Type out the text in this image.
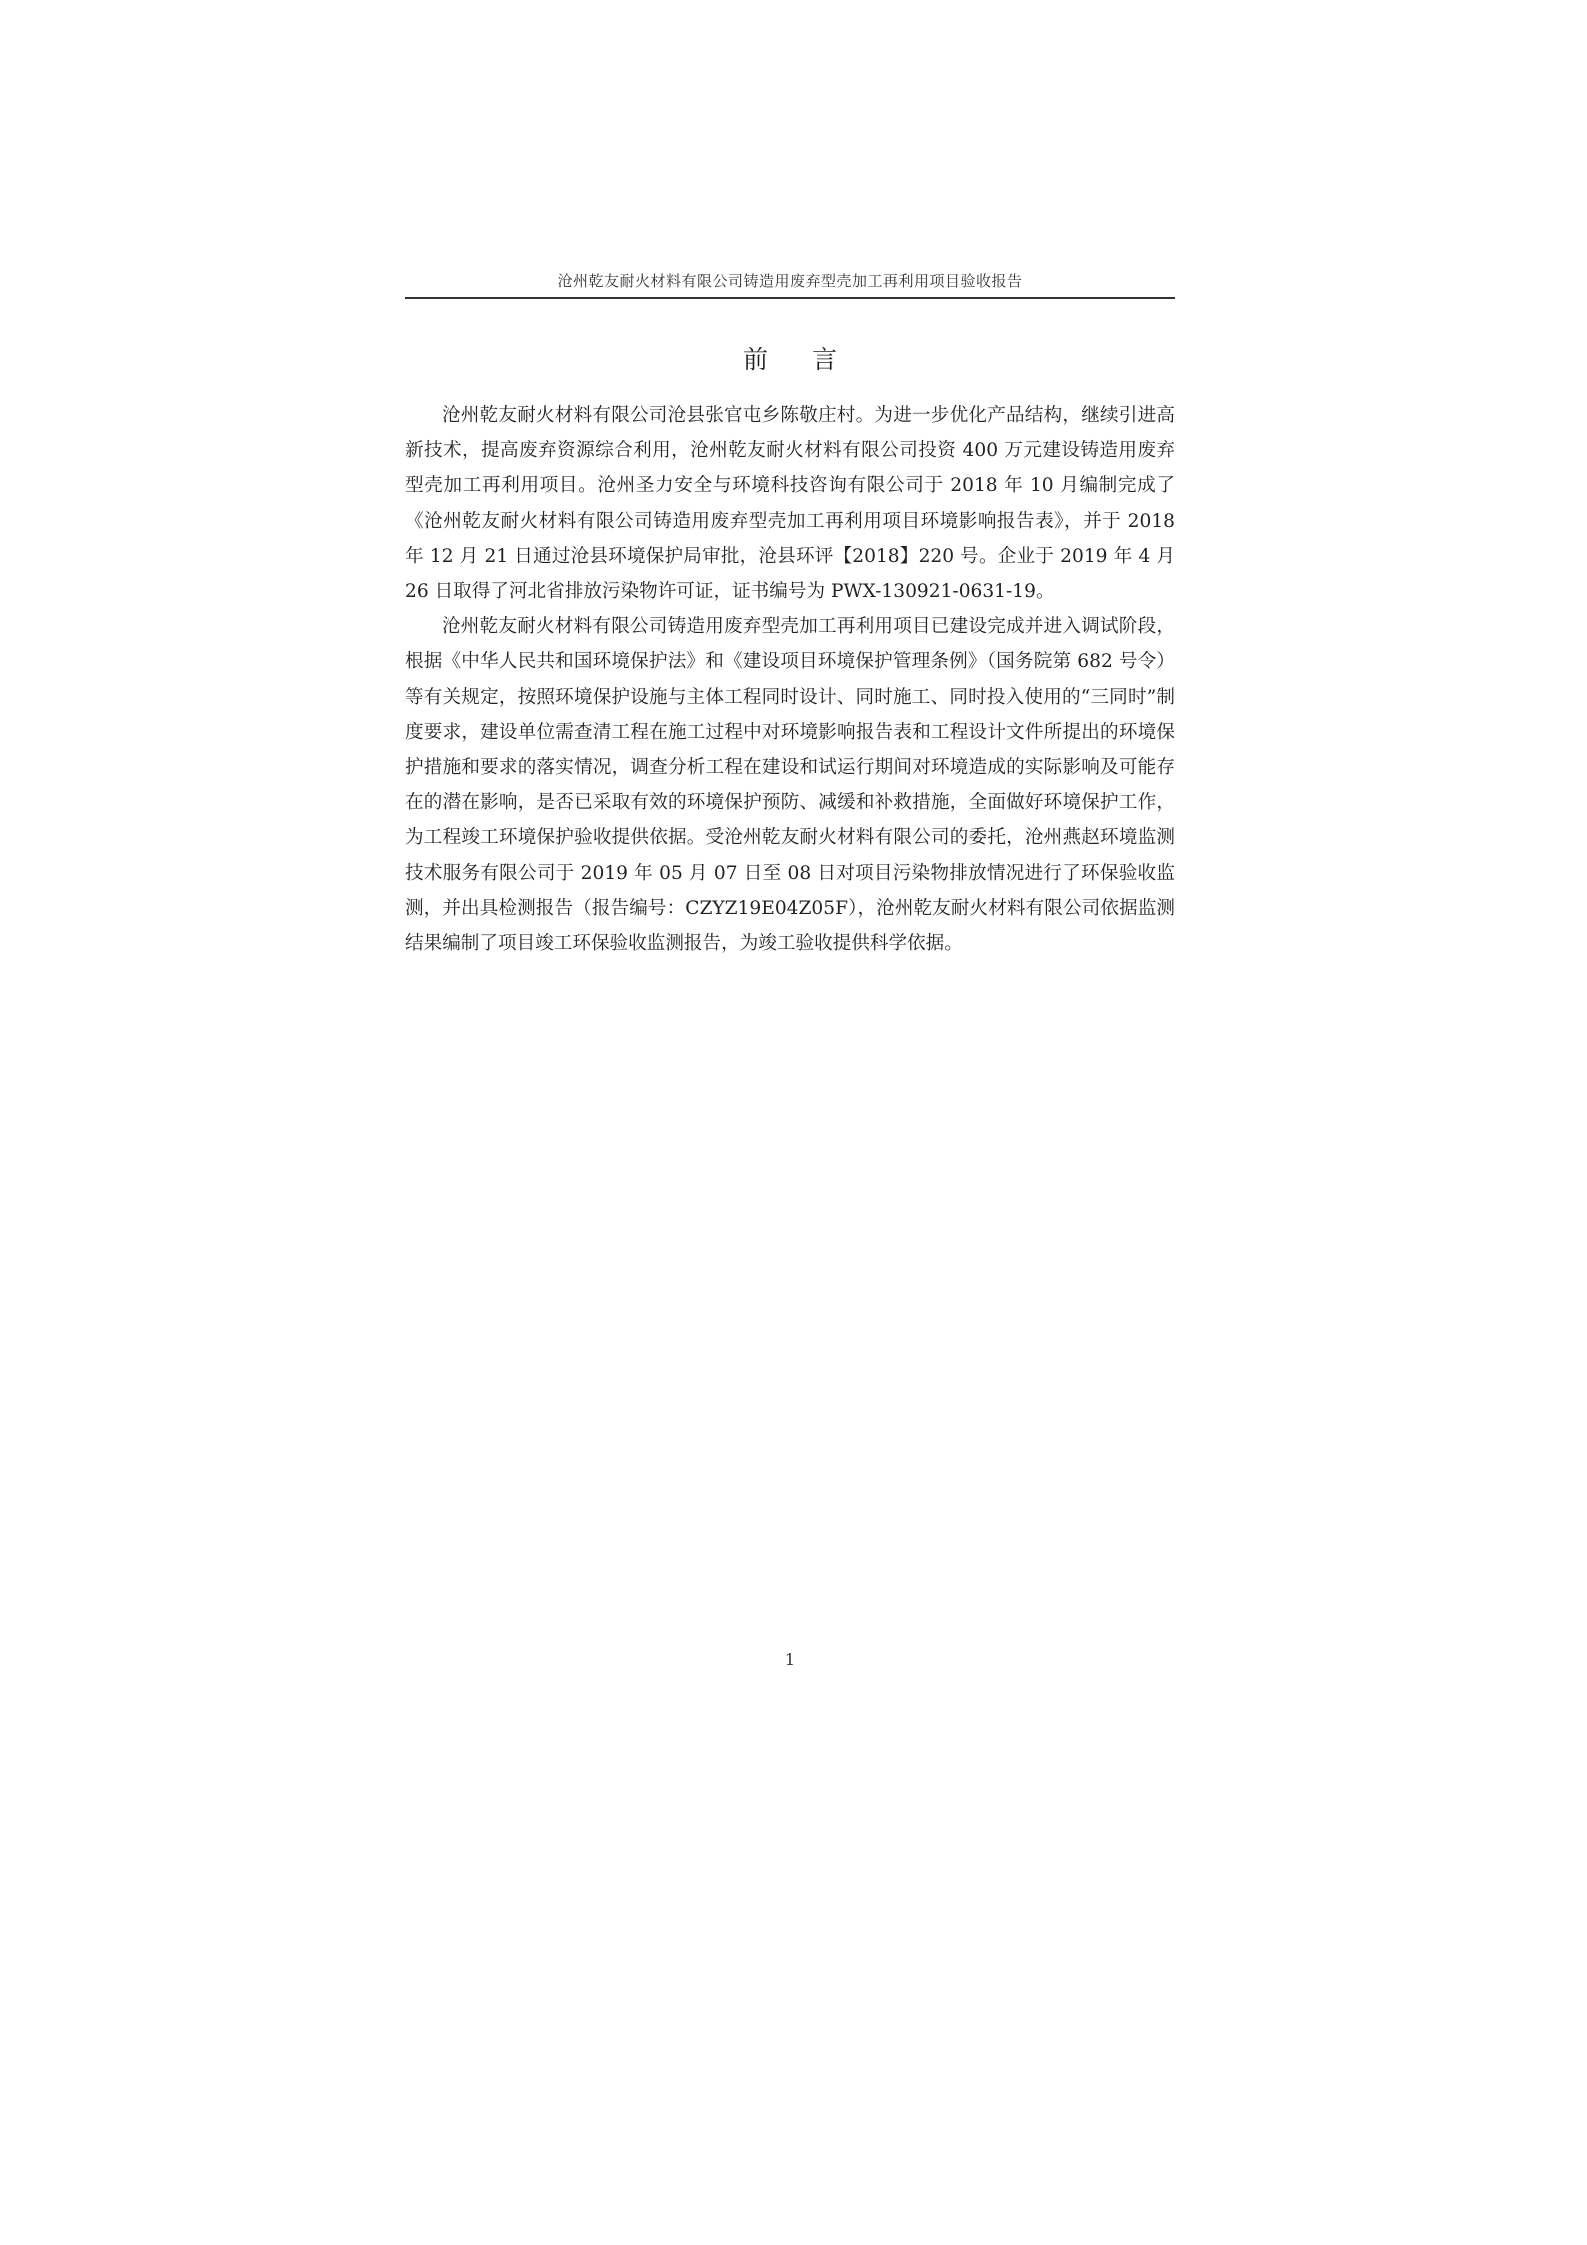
沧州乾友耐火材料有限公司铸造用废弃型壳加工再利用项目验收报告
前 言

沧州乾友耐火材料有限公司沧县张官屯乡陈敬庄村。为进一步优化产品结构，继续引进高新技术，提高废弃资源综合利用，沧州乾友耐火材料有限公司投资 400 万元建设铸造用废弃型壳加工再利用项目。沧州圣力安全与环境科技咨询有限公司于 2018 年 10 月编制完成了《沧州乾友耐火材料有限公司铸造用废弃型壳加工再利用项目环境影响报告表》，并于 2018 年 12 月 21 日通过沧县环境保护局审批，沧县环评【2018】220 号。企业于 2019 年 4 月 26 日取得了河北省排放污染物许可证，证书编号为 PWX-130921-0631-19。

沧州乾友耐火材料有限公司铸造用废弃型壳加工再利用项目已建设完成并进入调试阶段，根据《中华人民共和国环境保护法》和《建设项目环境保护管理条例》（国务院第 682 号令）等有关规定，按照环境保护设施与主体工程同时设计、同时施工、同时投入使用的“三同时”制度要求，建设单位需查清工程在施工过程中对环境影响报告表和工程设计文件所提出的环境保护措施和要求的落实情况，调查分析工程在建设和试运行期间对环境造成的实际影响及可能存在的潜在影响，是否已采取有效的环境保护预防、减缓和补救措施，全面做好环境保护工作，为工程竣工环境保护验收提供依据。受沧州乾友耐火材料有限公司的委托，沧州燕赵环境监测技术服务有限公司于 2019 年 05 月 07 日至 08 日对项目污染物排放情况进行了环保验收监测，并出具检测报告（报告编号：CZYZ19E04Z05F），沧州乾友耐火材料有限公司依据监测结果编制了项目竣工环保验收监测报告，为竣工验收提供科学依据。

1
